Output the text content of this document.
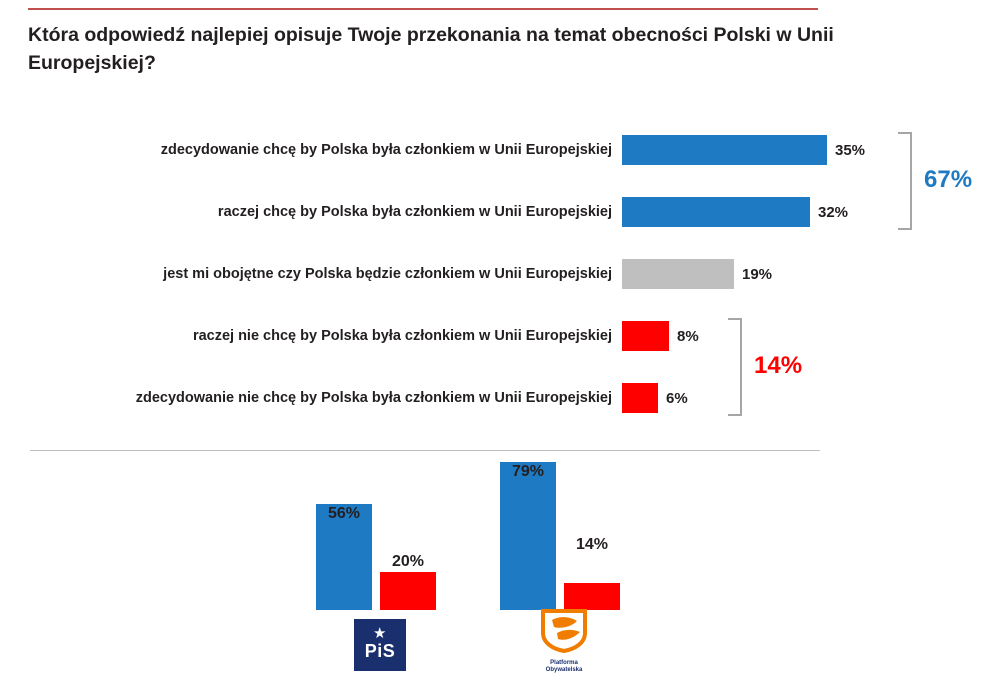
Która odpowiedź najlepiej opisuje Twoje przekonania na temat obecności Polski w Unii Europejskiej?
zdecydowanie chcę by Polska była członkiem w Unii Europejskiej	35%
raczej chcę by Polska była członkiem w Unii Europejskiej	32%
jest mi obojętne czy Polska będzie członkiem w Unii Europejskiej	19%
raczej nie chcę by Polska była członkiem w Unii Europejskiej	8%
zdecydowanie nie chcę by Polska była członkiem w Unii Europejskiej	6%
67%
14%
56%
20%
★
PiS
79%
14%
Platforma
Obywatelska
